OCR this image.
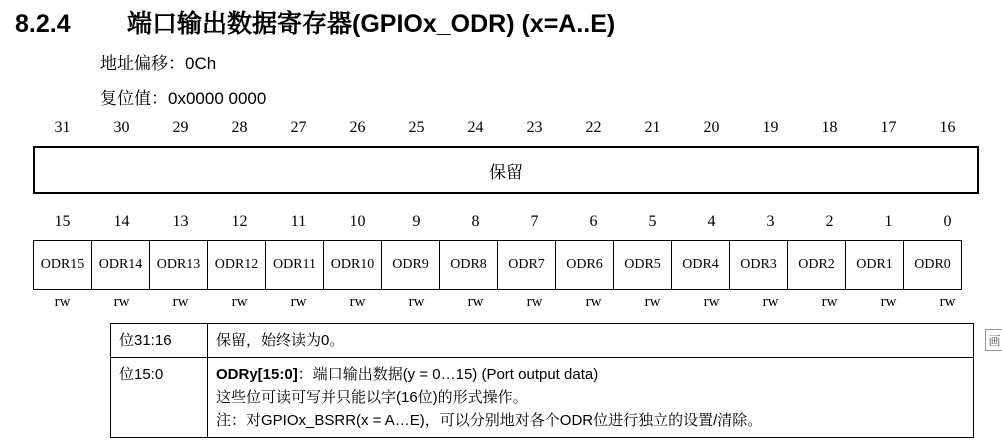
8.2.4 端口输出数据寄存器(GPIOx_ODR) (x=A..E)
地址偏移：0Ch
复位值：0x0000 0000
31	30	29	28	27	26	25	24	23	22	21	20	19	18	17	16
保留
15	14	13	12	11	10	9	8	7	6	5	4	3	2	1	0
ODR15	ODR14	ODR13	ODR12	ODR11	ODR10	ODR9	ODR8	ODR7	ODR6	ODR5	ODR4	ODR3	ODR2	ODR1	ODR0
rw	rw	rw	rw	rw	rw	rw	rw	rw	rw	rw	rw	rw	rw	rw	rw
位31:16	保留，始终读为0。

位15:0	ODRy[15:0]：端口输出数据(y = 0…15) (Port output data)
这些位可读可写并只能以字(16位)的形式操作。
注：对GPIOx_BSRR(x = A…E)，可以分别地对各个ODR位进行独立的设置/清除。
画
